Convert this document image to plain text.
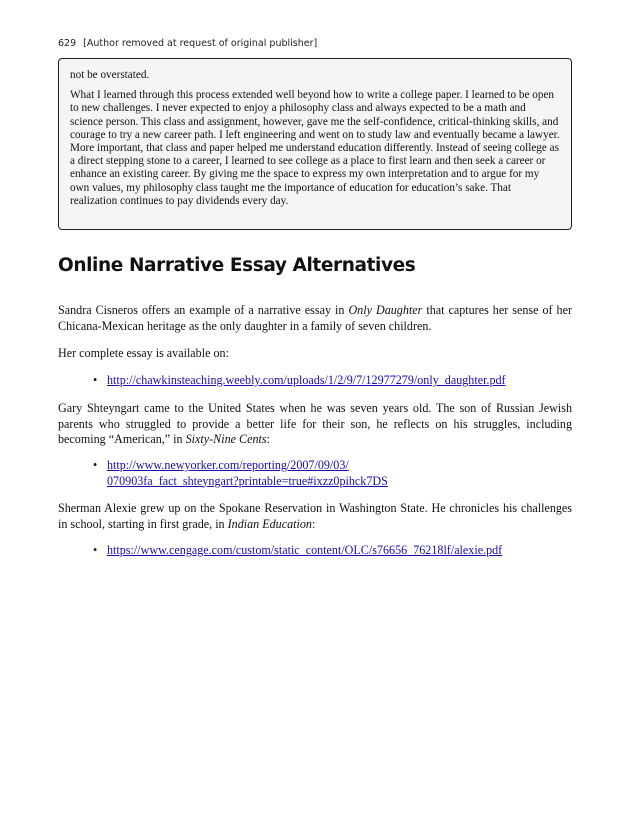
629 [Author removed at request of original publisher]

not be overstated.

What I learned through this process extended well beyond how to write a college paper. I learned to be open to new challenges. I never expected to enjoy a philosophy class and always expected to be a math and science person. This class and assignment, however, gave me the self-confidence, critical-thinking skills, and courage to try a new career path. I left engineering and went on to study law and eventually became a lawyer. More important, that class and paper helped me understand education differently. Instead of seeing college as a direct stepping stone to a career, I learned to see college as a place to first learn and then seek a career or enhance an existing career. By giving me the space to express my own interpretation and to argue for my own values, my philosophy class taught me the importance of education for education’s sake. That realization continues to pay dividends every day.

Online Narrative Essay Alternatives

Sandra Cisneros offers an example of a narrative essay in Only Daughter that captures her sense of her Chicana-Mexican heritage as the only daughter in a family of seven children.

Her complete essay is available on:

• http://chawkinsteaching.weebly.com/uploads/1/2/9/7/12977279/only_daughter.pdf

Gary Shteyngart came to the United States when he was seven years old. The son of Russian Jewish parents who struggled to provide a better life for their son, he reflects on his struggles, including becoming “American,” in Sixty-Nine Cents:

• http://www.newyorker.com/reporting/2007/09/03/
070903fa_fact_shteyngart?printable=true#ixzz0pihck7DS

Sherman Alexie grew up on the Spokane Reservation in Washington State. He chronicles his challenges in school, starting in first grade, in Indian Education:

• https://www.cengage.com/custom/static_content/OLC/s76656_76218lf/alexie.pdf
